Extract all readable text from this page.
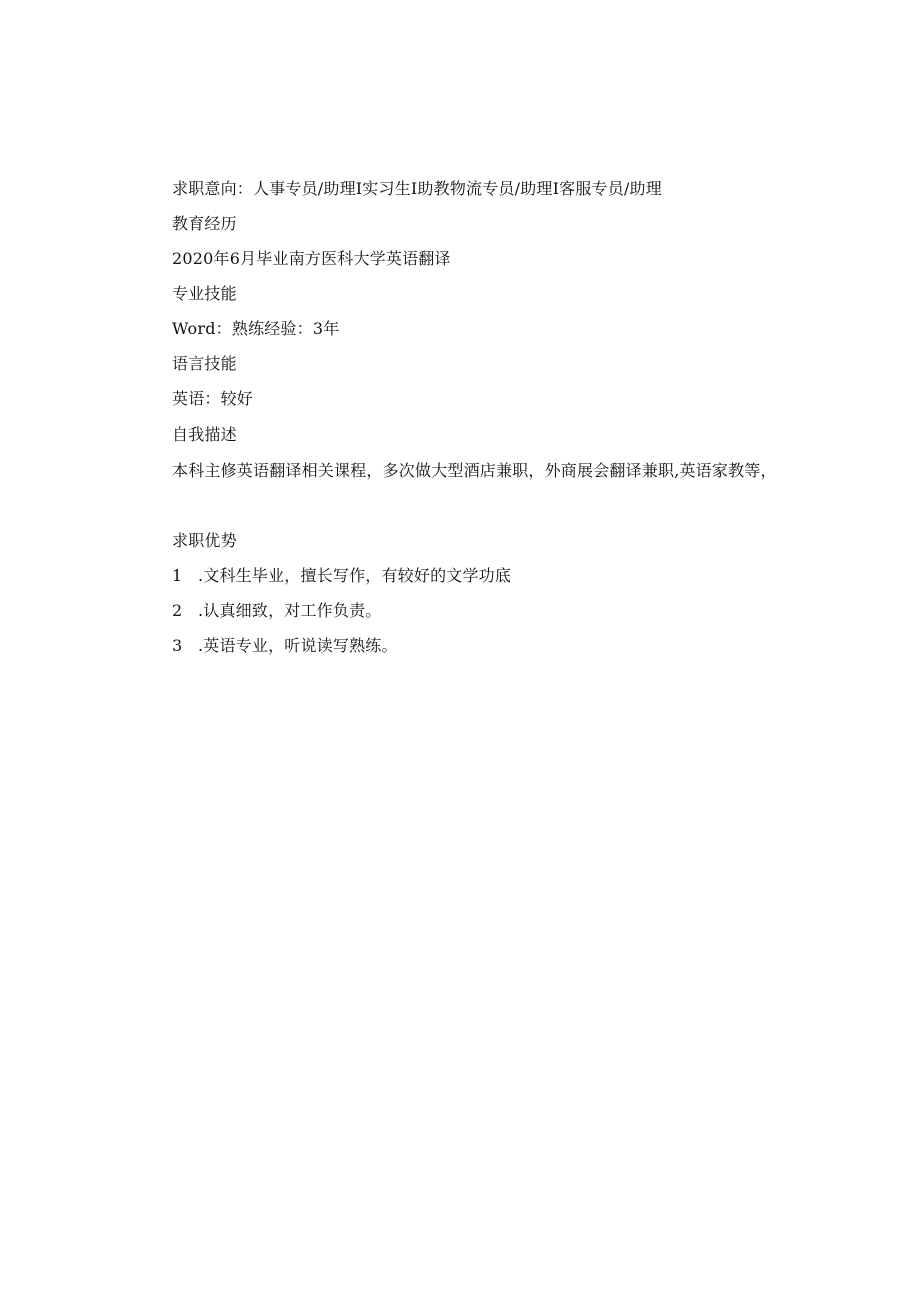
求职意向：人事专员/助理I实习生I助教物流专员/助理I客服专员/助理
教育经历
2020年6月毕业南方医科大学英语翻译
专业技能
Word：熟练经验：3年
语言技能
英语：较好
自我描述
本科主修英语翻译相关课程，多次做大型酒店兼职，外商展会翻译兼职,英语家教等，
求职优势
1 .文科生毕业，擅长写作，有较好的文学功底
2 .认真细致，对工作负责。
3 .英语专业，听说读写熟练。
